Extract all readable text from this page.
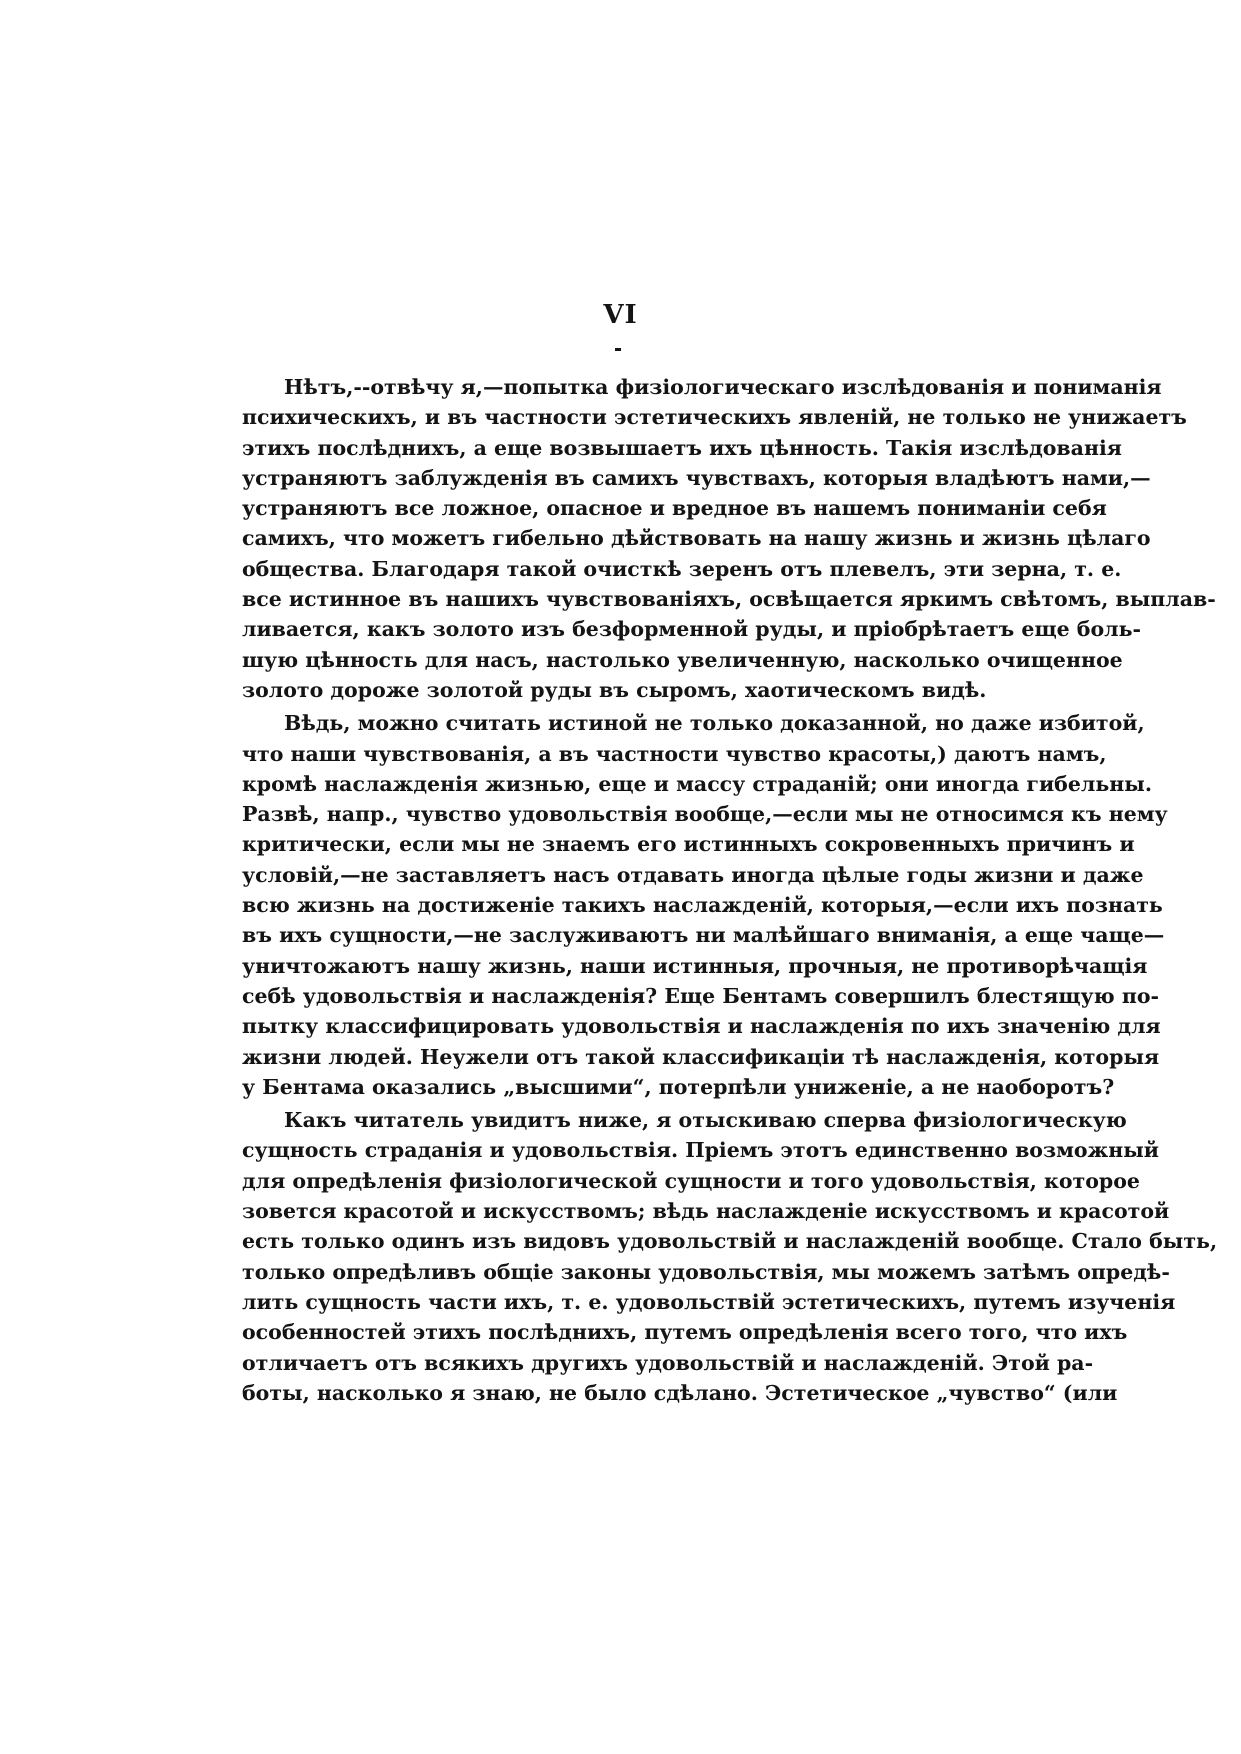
VI
Нѣтъ,--отвѣчу я,—попытка физіологическаго изслѣдованія и пониманія
психическихъ, и въ частности эстетическихъ явленій, не только не унижаетъ
этихъ послѣднихъ, а еще возвышаетъ ихъ цѣнность. Такія изслѣдованія
устраняютъ заблужденія въ самихъ чувствахъ, которыя владѣютъ нами,—
устраняютъ все ложное, опасное и вредное въ нашемъ пониманіи себя
самихъ, что можетъ гибельно дѣйствовать на нашу жизнь и жизнь цѣлаго
общества. Благодаря такой очисткѣ зеренъ отъ плевелъ, эти зерна, т. е.
все истинное въ нашихъ чувствованіяхъ, освѣщается яркимъ свѣтомъ, выплав-
ливается, какъ золото изъ безформенной руды, и пріобрѣтаетъ еще боль-
шую цѣнность для насъ, настолько увеличенную, насколько очищенное
золото дороже золотой руды въ сыромъ, хаотическомъ видѣ.
Вѣдь, можно считать истиной не только доказанной, но даже избитой,
что наши чувствованія, а въ частности чувство красоты,) даютъ намъ,
кромѣ наслажденія жизнью, еще и массу страданій; они иногда гибельны.
Развѣ, напр., чувство удовольствія вообще,—если мы не относимся къ нему
критически, если мы не знаемъ его истинныхъ сокровенныхъ причинъ и
условій,—не заставляетъ насъ отдавать иногда цѣлые годы жизни и даже
всю жизнь на достиженіе такихъ наслажденій, которыя,—если ихъ познать
въ ихъ сущности,—не заслуживаютъ ни малѣйшаго вниманія, а еще чаще—
уничтожаютъ нашу жизнь, наши истинныя, прочныя, не противорѣчащія
себѣ удовольствія и наслажденія? Еще Бентамъ совершилъ блестящую по-
пытку классифицировать удовольствія и наслажденія по ихъ значенію для
жизни людей. Неужели отъ такой классификаціи тѣ наслажденія, которыя
у Бентама оказались „высшими“, потерпѣли униженіе, а не наоборотъ?
Какъ читатель увидитъ ниже, я отыскиваю сперва физіологическую
сущность страданія и удовольствія. Пріемъ этотъ единственно возможный
для опредѣленія физіологической сущности и того удовольствія, которое
зовется красотой и искусствомъ; вѣдь наслажденіе искусствомъ и красотой
есть только одинъ изъ видовъ удовольствій и наслажденій вообще. Стало быть,
только опредѣливъ общіе законы удовольствія, мы можемъ затѣмъ опредѣ-
лить сущность части ихъ, т. е. удовольствій эстетическихъ, путемъ изученія
особенностей этихъ послѣднихъ, путемъ опредѣленія всего того, что ихъ
отличаетъ отъ всякихъ другихъ удовольствій и наслажденій. Этой ра-
боты, насколько я знаю, не было сдѣлано. Эстетическое „чувство“ (или
